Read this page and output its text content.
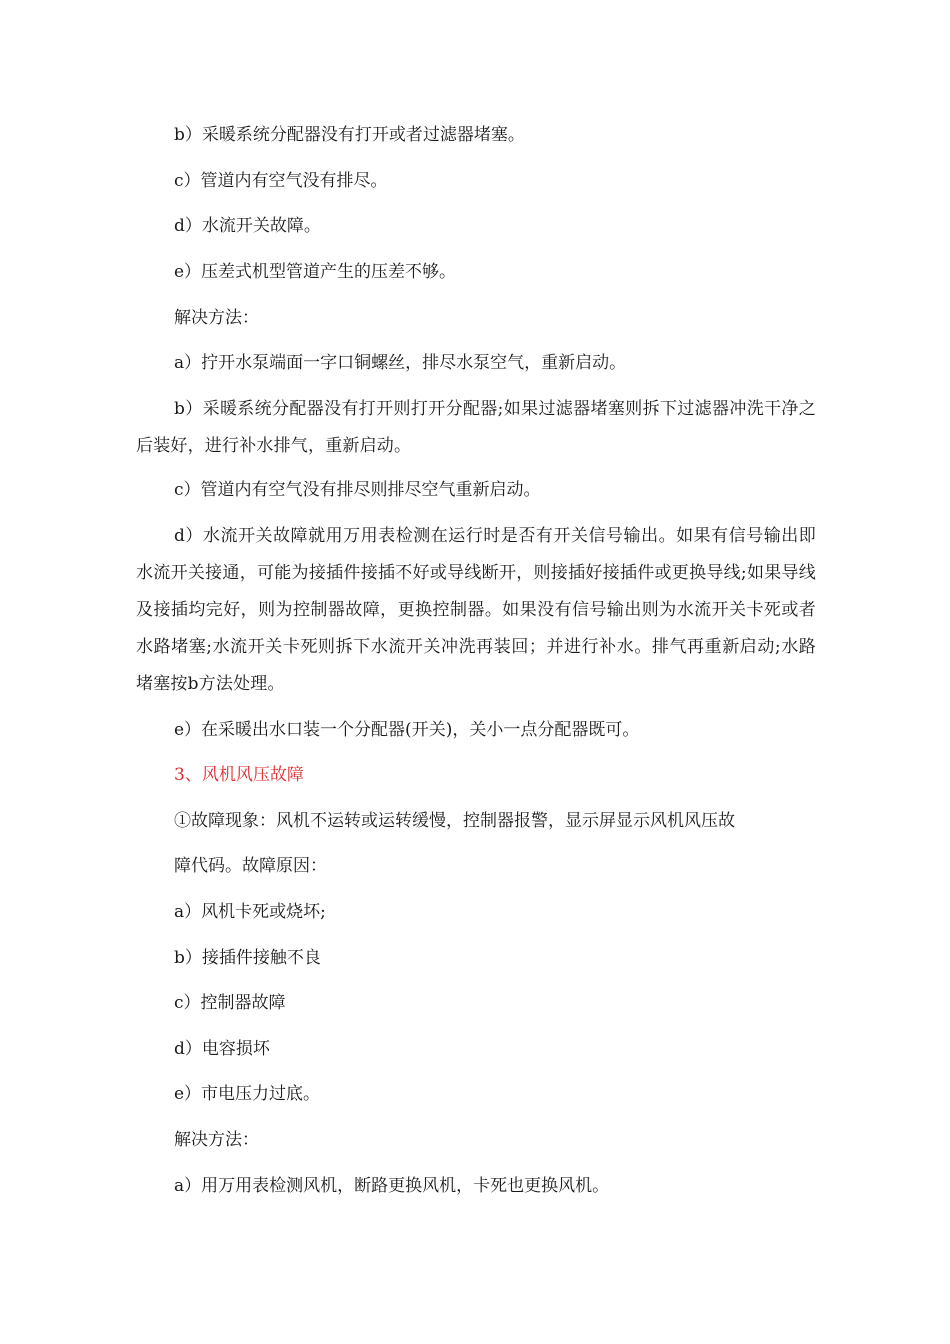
b）采暖系统分配器没有打开或者过滤器堵塞。

c）管道内有空气没有排尽。

d）水流开关故障。

e）压差式机型管道产生的压差不够。

解决方法：

a）拧开水泵端面一字口铜螺丝，排尽水泵空气，重新启动。

b）采暖系统分配器没有打开则打开分配器;如果过滤器堵塞则拆下过滤器冲洗干净之后装好，进行补水排气，重新启动。

c）管道内有空气没有排尽则排尽空气重新启动。

d）水流开关故障就用万用表检测在运行时是否有开关信号输出。如果有信号输出即水流开关接通，可能为接插件接插不好或导线断开，则接插好接插件或更换导线;如果导线及接插均完好，则为控制器故障，更换控制器。如果没有信号输出则为水流开关卡死或者水路堵塞;水流开关卡死则拆下水流开关冲洗再装回；并进行补水。排气再重新启动;水路堵塞按b方法处理。

e）在采暖出水口装一个分配器(开关)，关小一点分配器既可。

3、风机风压故障

①故障现象：风机不运转或运转缓慢，控制器报警，显示屏显示风机风压故

障代码。故障原因：

a）风机卡死或烧坏;

b）接插件接触不良

c）控制器故障

d）电容损坏

e）市电压力过底。

解决方法：

a）用万用表检测风机，断路更换风机，卡死也更换风机。
